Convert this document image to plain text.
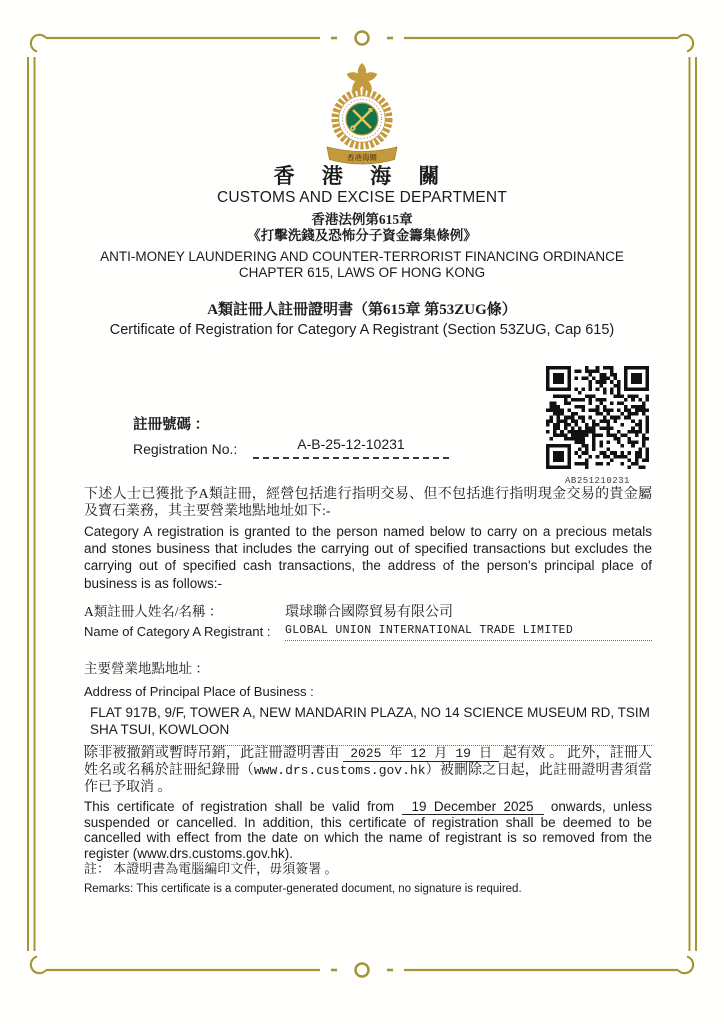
香港海關
香 港 海 關
CUSTOMS AND EXCISE DEPARTMENT
香港法例第615章
《打擊洗錢及恐怖分子資金籌集條例》
ANTI-MONEY LAUNDERING AND COUNTER-TERRORIST FINANCING ORDINANCE
CHAPTER 615, LAWS OF HONG KONG
A類註冊人註冊證明書（第615章 第53ZUG條）
Certificate of Registration for Category A Registrant (Section 53ZUG, Cap 615)
AB251210231
註冊號碼 ：
Registration No.:	A-B-25-12-10231
下述人士已獲批予A類註冊，經營包括進行指明交易、但不包括進行指明現金交易的貴金屬及寶石業務，其主要營業地點地址如下:-
Category A registration is granted to the person named below to carry on a precious metals and stones business that includes the carrying out of specified transactions but excludes the carrying out of specified cash transactions, the address of the person's principal place of business is as follows:-
A類註冊人姓名/名稱 ：
Name of Category A Registrant :
環球聯合國際貿易有限公司
GLOBAL UNION INTERNATIONAL TRADE LIMITED
主要營業地點地址 ：
Address of Principal Place of Business :
FLAT 917B, 9/F, TOWER A, NEW MANDARIN PLAZA, NO 14 SCIENCE MUSEUM RD, TSIM SHA TSUI, KOWLOON
除非被撤銷或暫時吊銷，此註冊證明書由 2025 年 12 月 19 日 起有效 。 此外，註冊人姓名或名稱於註冊紀錄冊（www.drs.customs.gov.hk）被刪除之日起，此註冊證明書須當作已予取消 。
This certificate of registration shall be valid from 19 December 2025 onwards, unless suspended or cancelled. In addition, this certificate of registration shall be deemed to be cancelled with effect from the date on which the name of registrant is so removed from the register (www.drs.customs.gov.hk).
註： 本證明書為電腦編印文件，毋須簽署 。
Remarks: This certificate is a computer-generated document, no signature is required.
